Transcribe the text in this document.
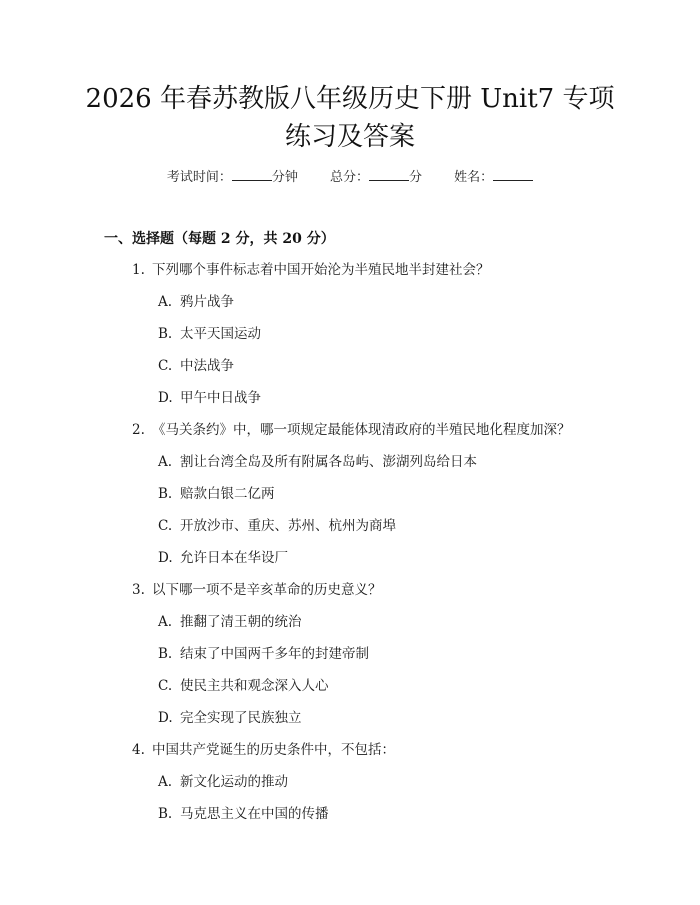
2026 年春苏教版八年级历史下册 Unit7 专项
练习及答案
考试时间：	分钟 总分：	分 姓名：
一、选择题（每题 2 分，共 20 分）
1. 下列哪个事件标志着中国开始沦为半殖民地半封建社会？
A. 鸦片战争
B. 太平天国运动
C. 中法战争
D. 甲午中日战争
2. 《马关条约》中，哪一项规定最能体现清政府的半殖民地化程度加深？
A. 割让台湾全岛及所有附属各岛屿、澎湖列岛给日本
B. 赔款白银二亿两
C. 开放沙市、重庆、苏州、杭州为商埠
D. 允许日本在华设厂
3. 以下哪一项不是辛亥革命的历史意义？
A. 推翻了清王朝的统治
B. 结束了中国两千多年的封建帝制
C. 使民主共和观念深入人心
D. 完全实现了民族独立
4. 中国共产党诞生的历史条件中，不包括：
A. 新文化运动的推动
B. 马克思主义在中国的传播
